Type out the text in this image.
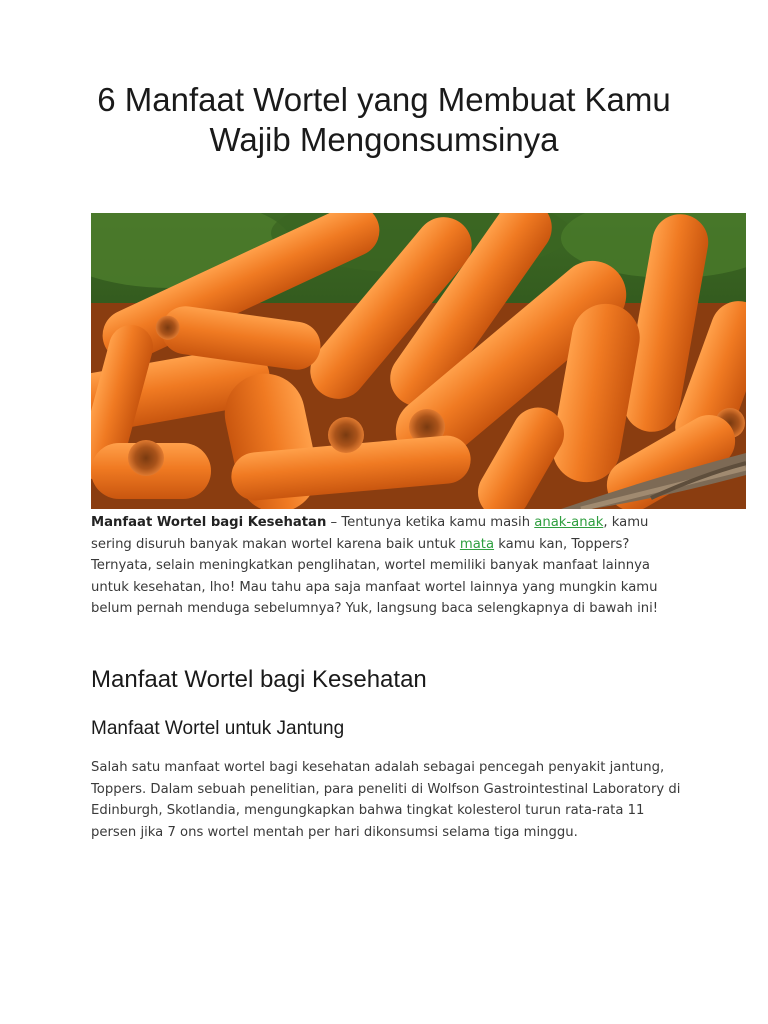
6 Manfaat Wortel yang Membuat Kamu Wajib Mengonsumsinya

Manfaat Wortel bagi Kesehatan – Tentunya ketika kamu masih anak-anak, kamu sering disuruh banyak makan wortel karena baik untuk mata kamu kan, Toppers? Ternyata, selain meningkatkan penglihatan, wortel memiliki banyak manfaat lainnya untuk kesehatan, lho! Mau tahu apa saja manfaat wortel lainnya yang mungkin kamu belum pernah menduga sebelumnya? Yuk, langsung baca selengkapnya di bawah ini!

Manfaat Wortel bagi Kesehatan
Manfaat Wortel untuk Jantung

Salah satu manfaat wortel bagi kesehatan adalah sebagai pencegah penyakit jantung, Toppers. Dalam sebuah penelitian, para peneliti di Wolfson Gastrointestinal Laboratory di Edinburgh, Skotlandia, mengungkapkan bahwa tingkat kolesterol turun rata-rata 11 persen jika 7 ons wortel mentah per hari dikonsumsi selama tiga minggu.
